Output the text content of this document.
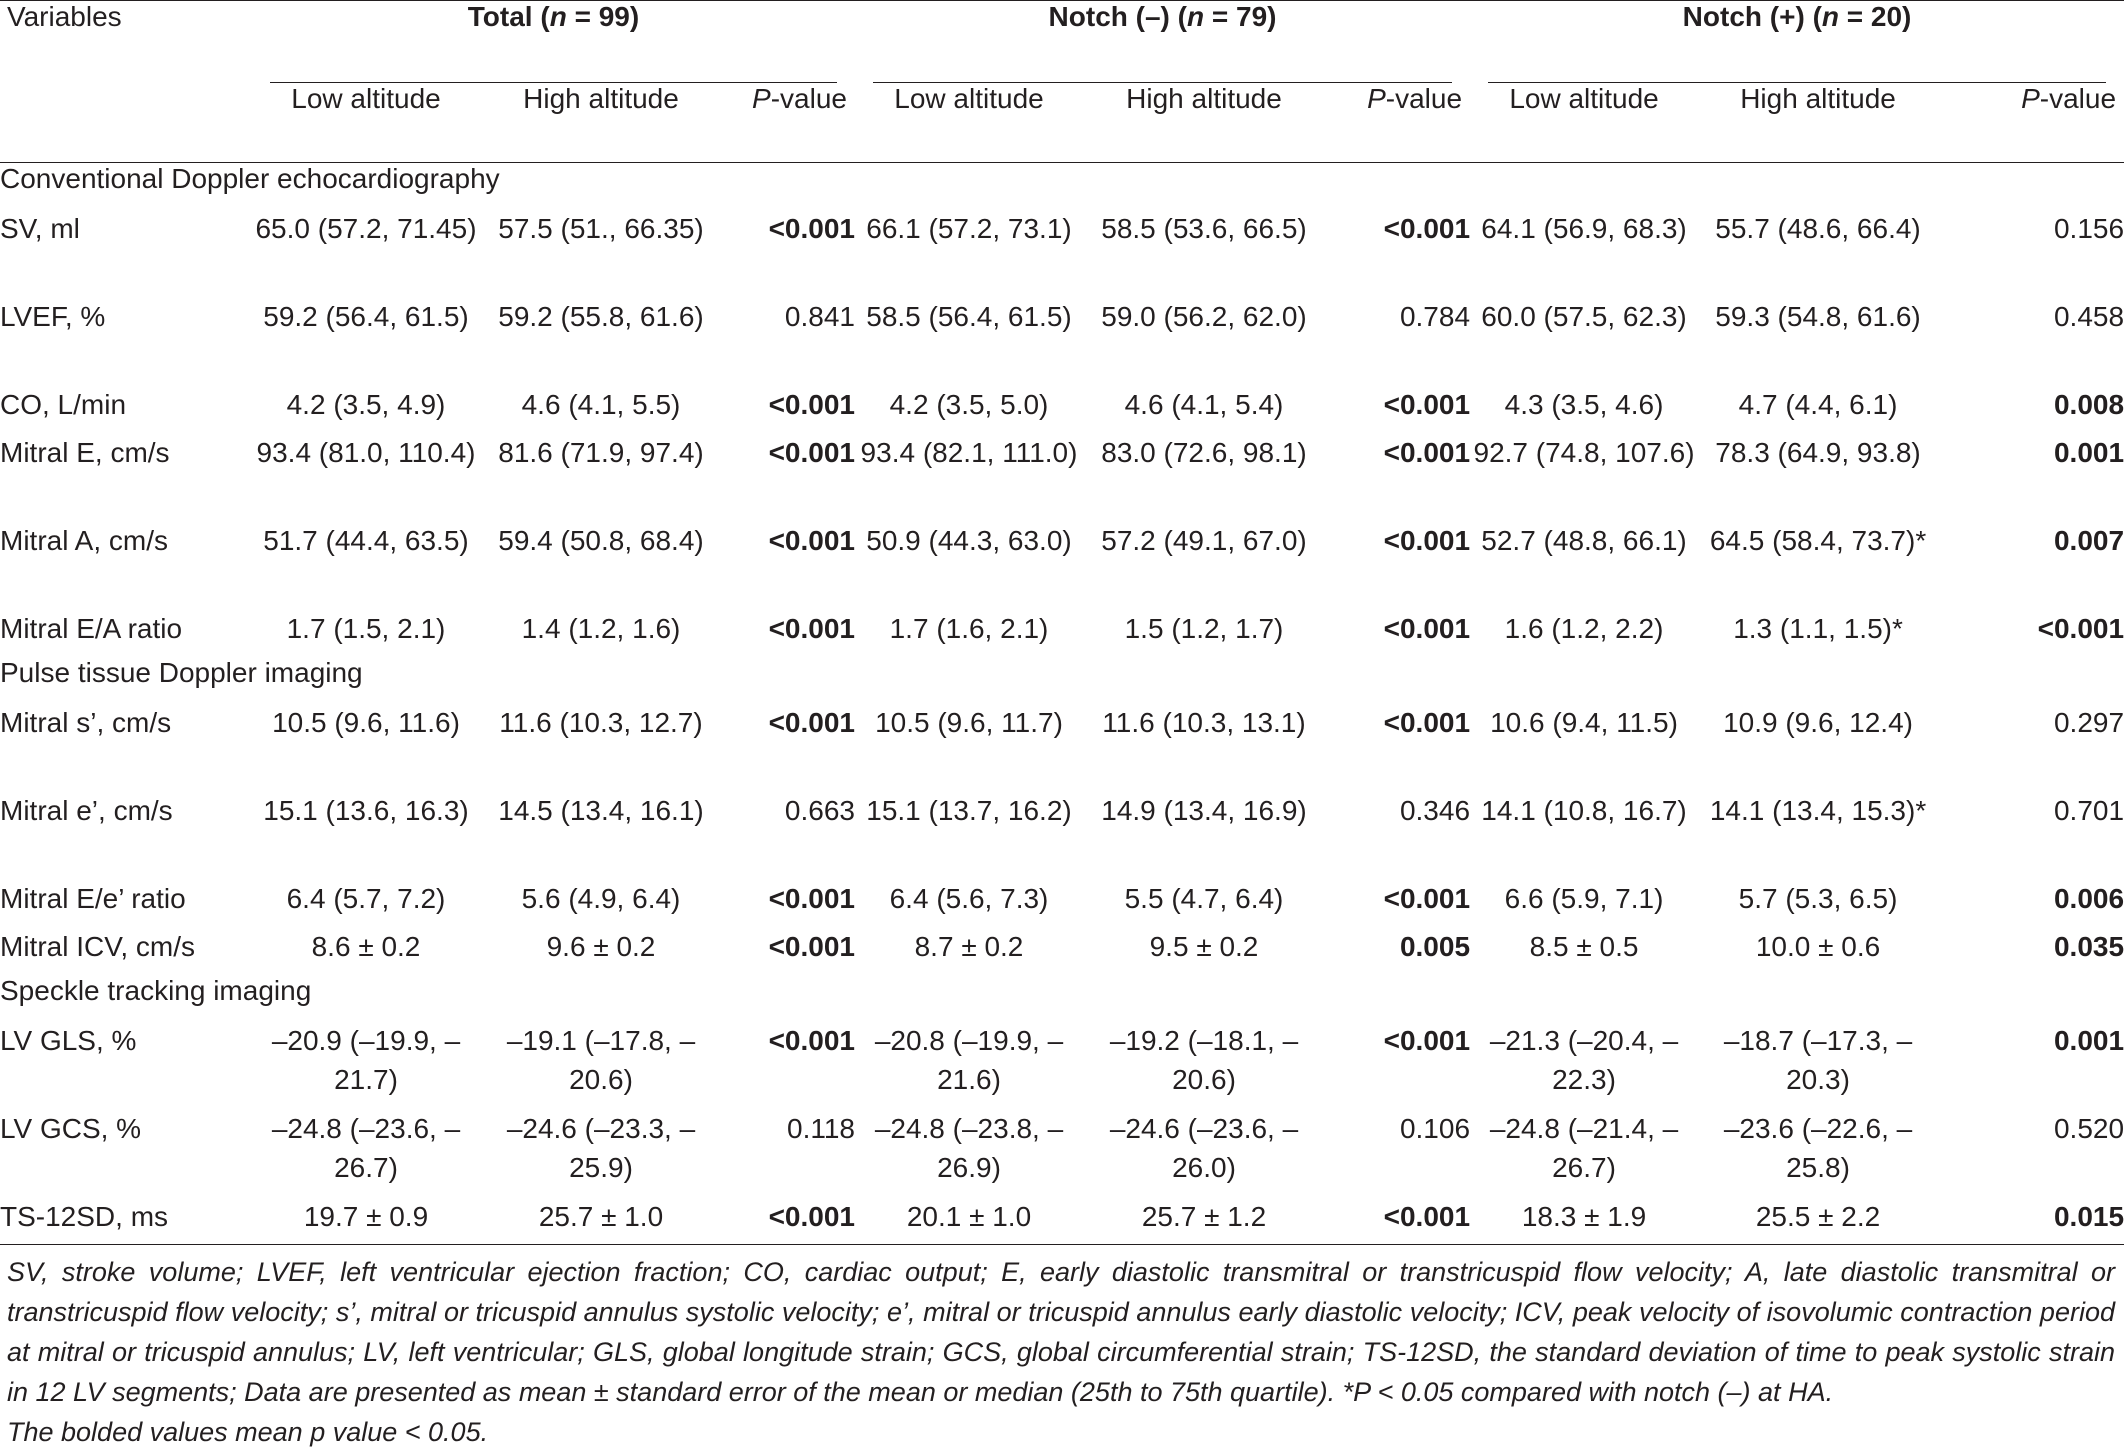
Variables	Total (n = 99)			Notch (–) (n = 79)			Notch (+) (n = 20)		
	Low altitude	High altitude	P-value	Low altitude	High altitude	P-value	Low altitude	High altitude	P-value
Conventional Doppler echocardiography									
SV, ml	65.0 (57.2, 71.45)	57.5 (51., 66.35)	<0.001	66.1 (57.2, 73.1)	58.5 (53.6, 66.5)	<0.001	64.1 (56.9, 68.3)	55.7 (48.6, 66.4)	0.156
LVEF, %	59.2 (56.4, 61.5)	59.2 (55.8, 61.6)	0.841	58.5 (56.4, 61.5)	59.0 (56.2, 62.0)	0.784	60.0 (57.5, 62.3)	59.3 (54.8, 61.6)	0.458
CO, L/min	4.2 (3.5, 4.9)	4.6 (4.1, 5.5)	<0.001	4.2 (3.5, 5.0)	4.6 (4.1, 5.4)	<0.001	4.3 (3.5, 4.6)	4.7 (4.4, 6.1)	0.008
Mitral E, cm/s	93.4 (81.0, 110.4)	81.6 (71.9, 97.4)	<0.001	93.4 (82.1, 111.0)	83.0 (72.6, 98.1)	<0.001	92.7 (74.8, 107.6)	78.3 (64.9, 93.8)	0.001
Mitral A, cm/s	51.7 (44.4, 63.5)	59.4 (50.8, 68.4)	<0.001	50.9 (44.3, 63.0)	57.2 (49.1, 67.0)	<0.001	52.7 (48.8, 66.1)	64.5 (58.4, 73.7)*	0.007
Mitral E/A ratio	1.7 (1.5, 2.1)	1.4 (1.2, 1.6)	<0.001	1.7 (1.6, 2.1)	1.5 (1.2, 1.7)	<0.001	1.6 (1.2, 2.2)	1.3 (1.1, 1.5)*	<0.001
Pulse tissue Doppler imaging									
Mitral s’, cm/s	10.5 (9.6, 11.6)	11.6 (10.3, 12.7)	<0.001	10.5 (9.6, 11.7)	11.6 (10.3, 13.1)	<0.001	10.6 (9.4, 11.5)	10.9 (9.6, 12.4)	0.297
Mitral e’, cm/s	15.1 (13.6, 16.3)	14.5 (13.4, 16.1)	0.663	15.1 (13.7, 16.2)	14.9 (13.4, 16.9)	0.346	14.1 (10.8, 16.7)	14.1 (13.4, 15.3)*	0.701
Mitral E/e’ ratio	6.4 (5.7, 7.2)	5.6 (4.9, 6.4)	<0.001	6.4 (5.6, 7.3)	5.5 (4.7, 6.4)	<0.001	6.6 (5.9, 7.1)	5.7 (5.3, 6.5)	0.006
Mitral ICV, cm/s	8.6 ± 0.2	9.6 ± 0.2	<0.001	8.7 ± 0.2	9.5 ± 0.2	0.005	8.5 ± 0.5	10.0 ± 0.6	0.035
Speckle tracking imaging									
LV GLS, %	–20.9 (–19.9, –21.7)	–19.1 (–17.8, –20.6)	<0.001	–20.8 (–19.9, –21.6)	–19.2 (–18.1, –20.6)	<0.001	–21.3 (–20.4, –22.3)	–18.7 (–17.3, –20.3)	0.001
LV GCS, %	–24.8 (–23.6, –26.7)	–24.6 (–23.3, –25.9)	0.118	–24.8 (–23.8, –26.9)	–24.6 (–23.6, –26.0)	0.106	–24.8 (–21.4, –26.7)	–23.6 (–22.6, –25.8)	0.520
TS-12SD, ms	19.7 ± 0.9	25.7 ± 1.0	<0.001	20.1 ± 1.0	25.7 ± 1.2	<0.001	18.3 ± 1.9	25.5 ± 2.2	0.015

SV, stroke volume; LVEF, left ventricular ejection fraction; CO, cardiac output; E, early diastolic transmitral or transtricuspid flow velocity; A, late diastolic transmitral or transtricuspid flow velocity; s’, mitral or tricuspid annulus systolic velocity; e’, mitral or tricuspid annulus early diastolic velocity; ICV, peak velocity of isovolumic contraction period at mitral or tricuspid annulus; LV, left ventricular; GLS, global longitude strain; GCS, global circumferential strain; TS-12SD, the standard deviation of time to peak systolic strain in 12 LV segments; Data are presented as mean ± standard error of the mean or median (25th to 75th quartile). *P < 0.05 compared with notch (–) at HA.

The bolded values mean p value < 0.05.
